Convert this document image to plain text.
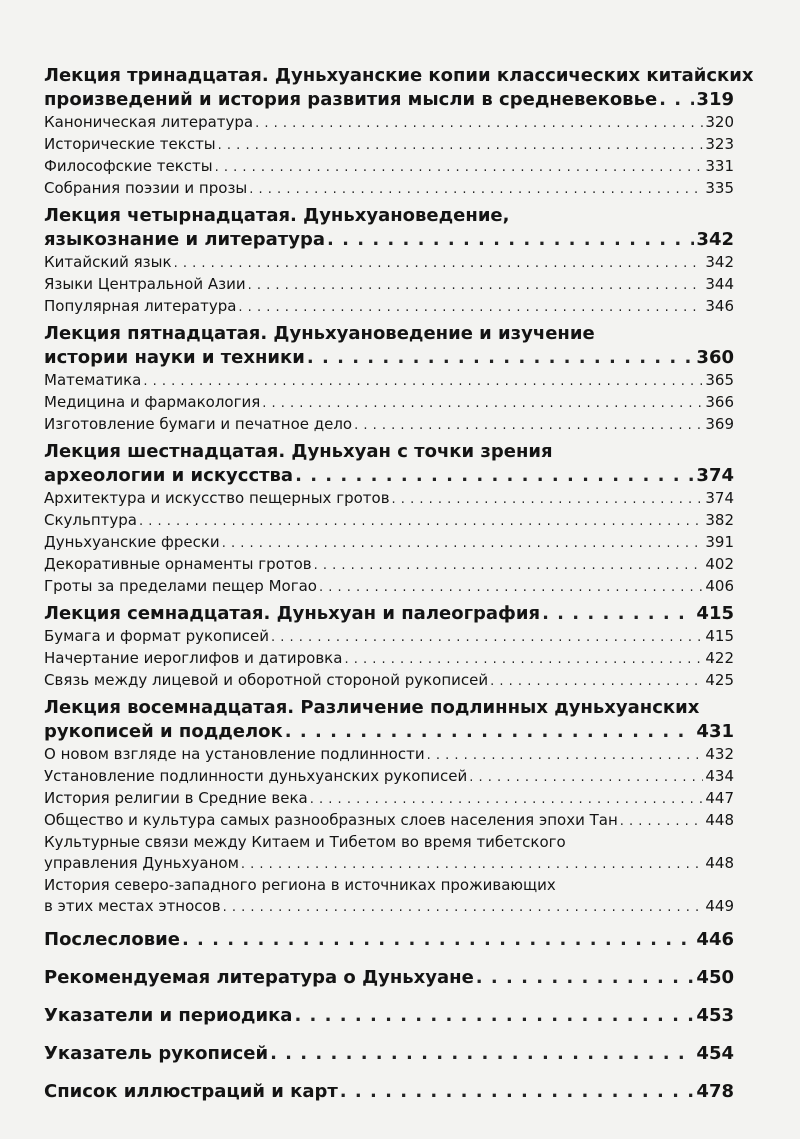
Лекция тринадцатая. Дуньхуанские копии классических китайских
произведений и история развития мысли в средневековье . . . 319
Каноническая литература . . .	320
Исторические тексты . . .	323
Философские тексты . . .	331
Собрания поэзии и прозы . . .	335
Лекция четырнадцатая. Дуньхуановедение,
языкознание и литература . . .	342
Китайский язык . . .	342
Языки Центральной Азии . . .	344
Популярная литература . . .	346
Лекция пятнадцатая. Дуньхуановедение и изучение
истории науки и техники . . .	360
Математика . . .	365
Медицина и фармакология . . .	366
Изготовление бумаги и печатное дело . . .	369
Лекция шестнадцатая. Дуньхуан с точки зрения
археологии и искусства . . .	374
Архитектура и искусство пещерных гротов . . .	374
Скульптура . . .	382
Дуньхуанские фрески . . .	391
Декоративные орнаменты гротов . . .	402
Гроты за пределами пещер Могао . . .	406
Лекция семнадцатая. Дуньхуан и палеография . . .	415
Бумага и формат рукописей . . .	415
Начертание иероглифов и датировка . . .	422
Связь между лицевой и оборотной стороной рукописей . . .	425
Лекция восемнадцатая. Различение подлинных дуньхуанских
рукописей и подделок . . .	431
О новом взгляде на установление подлинности . . .	432
Установление подлинности дуньхуанских рукописей . . .	434
История религии в Средние века . . .	447
Общество и культура самых разнообразных слоев населения эпохи Тан . . .	448
Культурные связи между Китаем и Тибетом во время тибетского
управления Дуньхуаном . . .	448
История северо-западного региона в источниках проживающих
в этих местах этносов . . .	449
Послесловие . . .	446
Рекомендуемая литература о Дуньхуане . . .	450
Указатели и периодика . . .	453
Указатель рукописей . . .	454
Список иллюстраций и карт . . .	478
